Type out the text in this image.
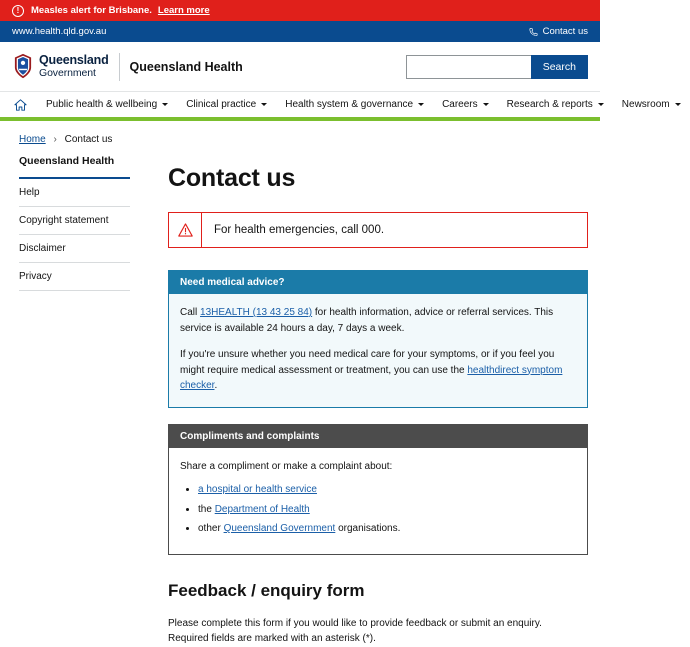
!	Measles alert for Brisbane. Learn more
www.health.qld.gov.au	Contact us
Queensland
Government	Queensland Health	Search
Public health & wellbeing	Clinical practice	Health system & governance	Careers	Research & reports	Newsroom
Home › Contact us
Queensland Health
Help
Copyright statement
Disclaimer
Privacy
Contact us
For health emergencies, call 000.
Need medical advice?

Call 13HEALTH (13 43 25 84) for health information, advice or referral services. This service is available 24 hours a day, 7 days a week.

If you're unsure whether you need medical care for your symptoms, or if you feel you might require medical assessment or treatment, you can use the healthdirect symptom checker.

Compliments and complaints

Share a compliment or make a complaint about:

• a hospital or health service
• the Department of Health
• other Queensland Government organisations.
Feedback / enquiry form

Please complete this form if you would like to provide feedback or submit an enquiry.
Required fields are marked with an asterisk (*).
